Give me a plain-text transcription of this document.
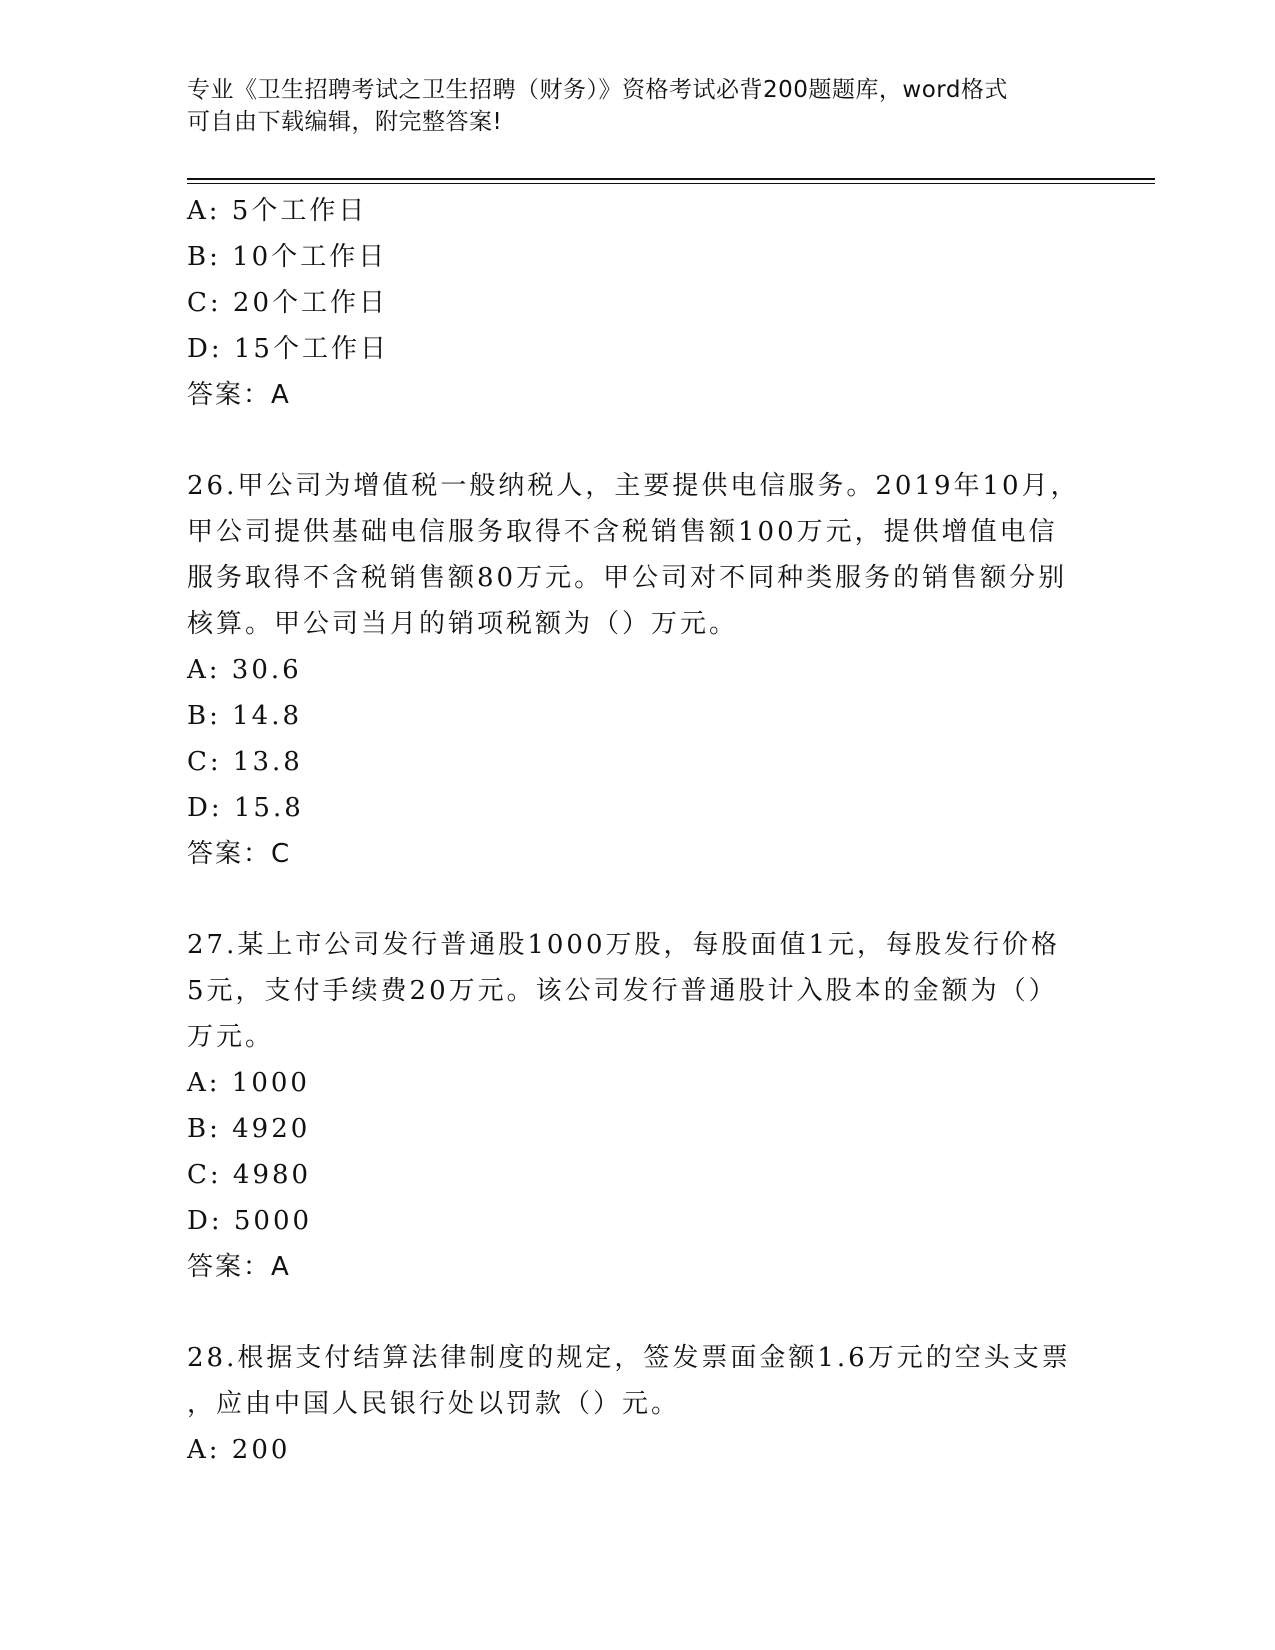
专业《卫生招聘考试之卫生招聘（财务）》资格考试必背200题题库，word格式
可自由下载编辑，附完整答案!
A: 5个工作日
B: 10个工作日
C: 20个工作日
D: 15个工作日
答案：A
26.甲公司为增值税一般纳税人，主要提供电信服务。2019年10月，
甲公司提供基础电信服务取得不含税销售额100万元，提供增值电信
服务取得不含税销售额80万元。甲公司对不同种类服务的销售额分别
核算。甲公司当月的销项税额为（）万元。
A: 30.6
B: 14.8
C: 13.8
D: 15.8
答案：C
27.某上市公司发行普通股1000万股，每股面值1元，每股发行价格
5元，支付手续费20万元。该公司发行普通股计入股本的金额为（）
万元。
A: 1000
B: 4920
C: 4980
D: 5000
答案：A
28.根据支付结算法律制度的规定，签发票面金额1.6万元的空头支票
，应由中国人民银行处以罚款（）元。
A: 200
